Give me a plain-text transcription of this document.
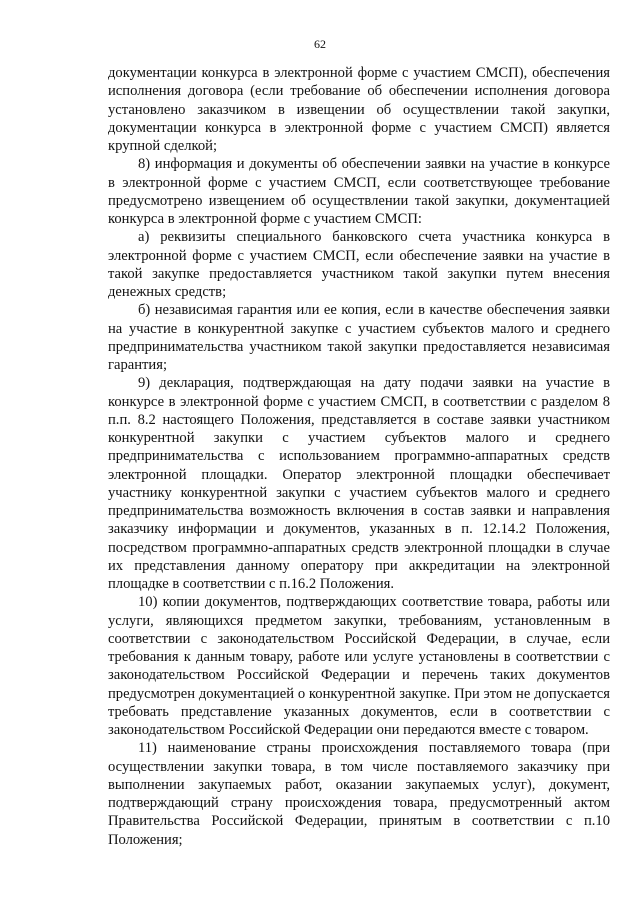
62

документации конкурса в электронной форме с участием СМСП), обеспечения исполнения договора (если требование об обеспечении исполнения договора установлено заказчиком в извещении об осуществлении такой закупки, документации конкурса в электронной форме с участием СМСП) является крупной сделкой;

8) информация и документы об обеспечении заявки на участие в конкурсе в электронной форме с участием СМСП, если соответствующее требование предусмотрено извещением об осуществлении такой закупки, документацией конкурса в электронной форме с участием СМСП:

а) реквизиты специального банковского счета участника конкурса в электронной форме с участием СМСП, если обеспечение заявки на участие в такой закупке предоставляется участником такой закупки путем внесения денежных средств;

б) независимая гарантия или ее копия, если в качестве обеспечения заявки на участие в конкурентной закупке с участием субъектов малого и среднего предпринимательства участником такой закупки предоставляется независимая гарантия;

9) декларация, подтверждающая на дату подачи заявки на участие в конкурсе в электронной форме с участием СМСП, в соответствии с разделом 8 п.п. 8.2 настоящего Положения, представляется в составе заявки участником конкурентной закупки с участием субъектов малого и среднего предпринимательства с использованием программно-аппаратных средств электронной площадки. Оператор электронной площадки обеспечивает участнику конкурентной закупки с участием субъектов малого и среднего предпринимательства возможность включения в состав заявки и направления заказчику информации и документов, указанных в п. 12.14.2 Положения, посредством программно-аппаратных средств электронной площадки в случае их представления данному оператору при аккредитации на электронной площадке в соответствии с п.16.2 Положения.

10) копии документов, подтверждающих соответствие товара, работы или услуги, являющихся предметом закупки, требованиям, установленным в соответствии с законодательством Российской Федерации, в случае, если требования к данным товару, работе или услуге установлены в соответствии с законодательством Российской Федерации и перечень таких документов предусмотрен документацией о конкурентной закупке. При этом не допускается требовать представление указанных документов, если в соответствии с законодательством Российской Федерации они передаются вместе с товаром.

11) наименование страны происхождения поставляемого товара (при осуществлении закупки товара, в том числе поставляемого заказчику при выполнении закупаемых работ, оказании закупаемых услуг), документ, подтверждающий страну происхождения товара, предусмотренный актом Правительства Российской Федерации, принятым в соответствии с п.10 Положения;
